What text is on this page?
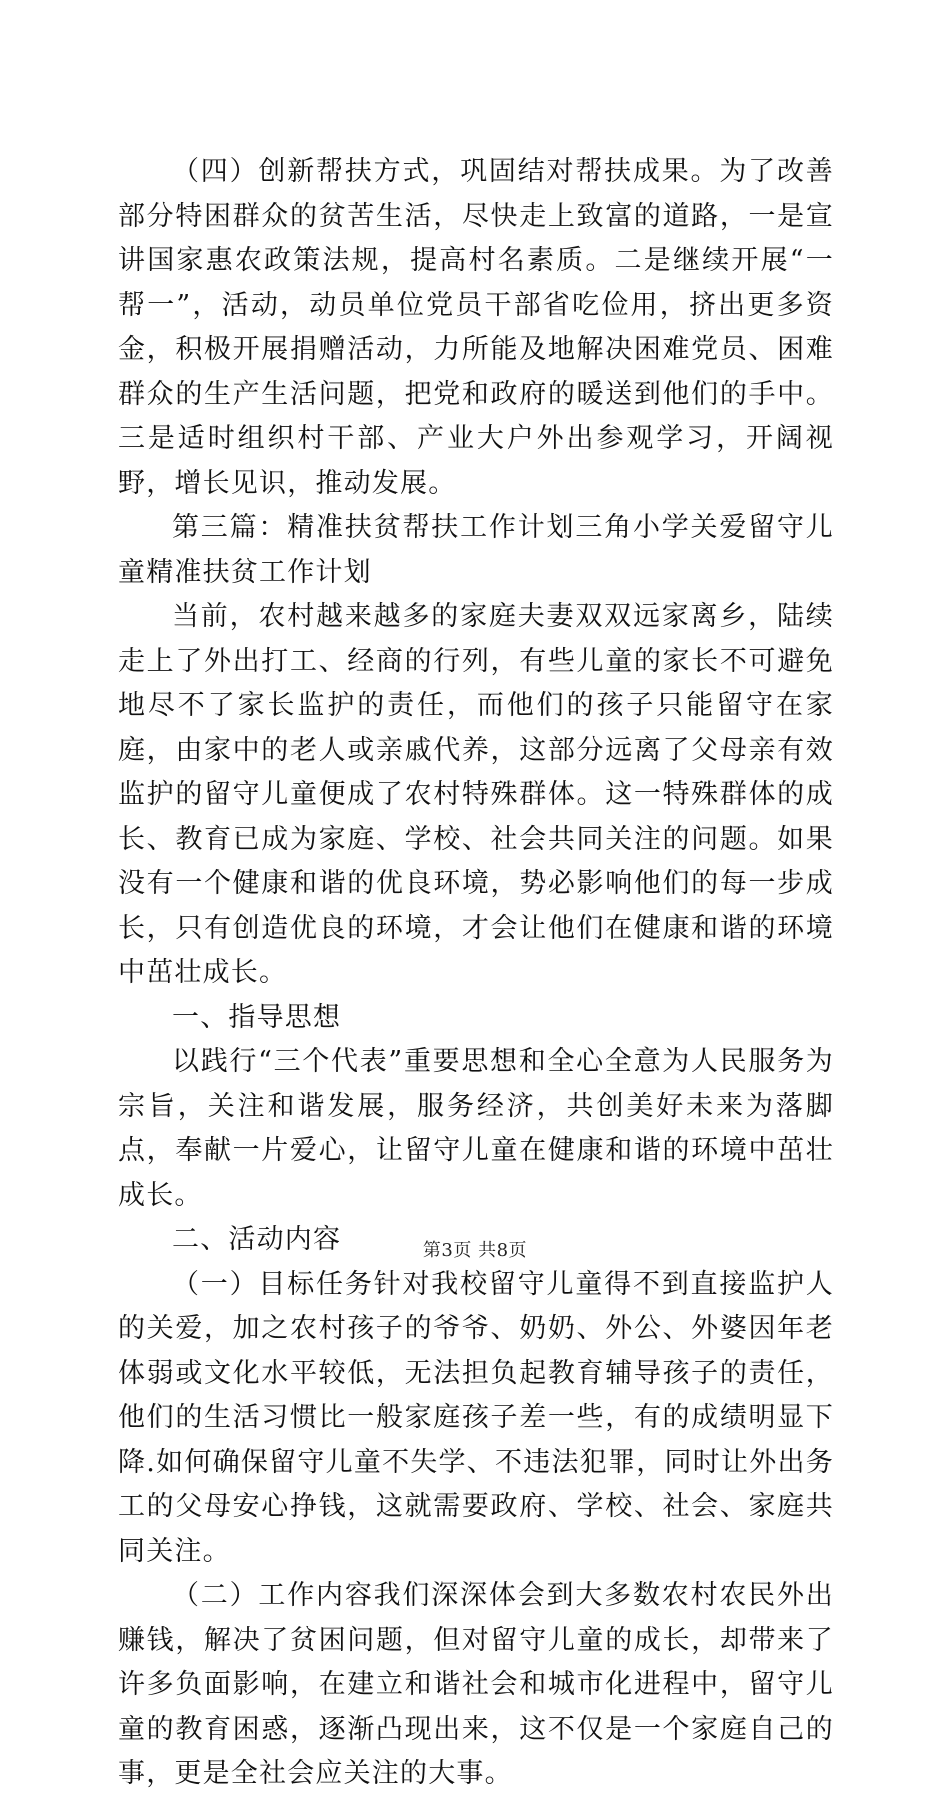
（四）创新帮扶方式，巩固结对帮扶成果。为了改善部分特困群众的贫苦生活，尽快走上致富的道路，一是宣讲国家惠农政策法规，提高村名素质。二是继续开展“一帮一”，活动，动员单位党员干部省吃俭用，挤出更多资金，积极开展捐赠活动，力所能及地解决困难党员、困难群众的生产生活问题，把党和政府的暖送到他们的手中。三是适时组织村干部、产业大户外出参观学习，开阔视野，增长见识，推动发展。

第三篇：精准扶贫帮扶工作计划三角小学关爱留守儿童精准扶贫工作计划

当前，农村越来越多的家庭夫妻双双远家离乡，陆续走上了外出打工、经商的行列，有些儿童的家长不可避免地尽不了家长监护的责任，而他们的孩子只能留守在家庭，由家中的老人或亲戚代养，这部分远离了父母亲有效监护的留守儿童便成了农村特殊群体。这一特殊群体的成长、教育已成为家庭、学校、社会共同关注的问题。如果没有一个健康和谐的优良环境，势必影响他们的每一步成长，只有创造优良的环境，才会让他们在健康和谐的环境中茁壮成长。

一、指导思想

以践行“三个代表”重要思想和全心全意为人民服务为宗旨，关注和谐发展，服务经济，共创美好未来为落脚点，奉献一片爱心，让留守儿童在健康和谐的环境中茁壮成长。

二、活动内容

（一）目标任务针对我校留守儿童得不到直接监护人的关爱，加之农村孩子的爷爷、奶奶、外公、外婆因年老体弱或文化水平较低，无法担负起教育辅导孩子的责任，他们的生活习惯比一般家庭孩子差一些，有的成绩明显下降.如何确保留守儿童不失学、不违法犯罪，同时让外出务工的父母安心挣钱，这就需要政府、学校、社会、家庭共同关注。

（二）工作内容我们深深体会到大多数农村农民外出赚钱，解决了贫困问题，但对留守儿童的成长，却带来了许多负面影响，在建立和谐社会和城市化进程中，留守儿童的教育困惑，逐渐凸现出来，这不仅是一个家庭自己的事，更是全社会应关注的大事。

第3页 共8页
